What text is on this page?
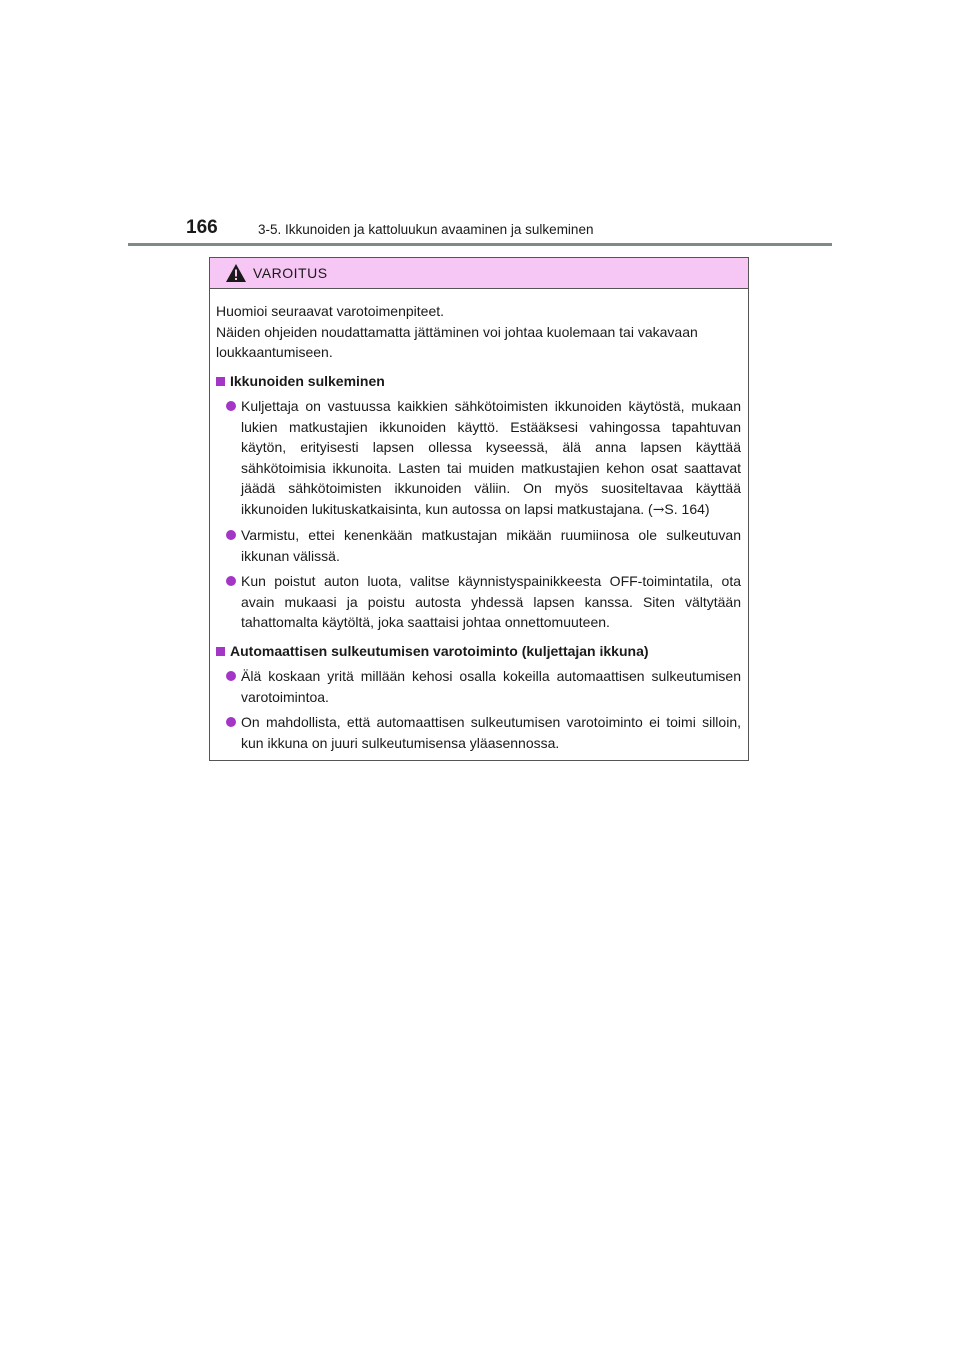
166	3-5. Ikkunoiden ja kattoluukun avaaminen ja sulkeminen
VAROITUS

Huomioi seuraavat varotoimenpiteet.

Näiden ohjeiden noudattamatta jättäminen voi johtaa kuolemaan tai vakavaan loukkaantumiseen.

Ikkunoiden sulkeminen
Kuljettaja on vastuussa kaikkien sähkötoimisten ikkunoiden käytöstä, mukaan lukien matkustajien ikkunoiden käyttö. Estääksesi vahingossa tapahtuvan käytön, erityisesti lapsen ollessa kyseessä, älä anna lapsen käyttää sähkötoimisia ikkunoita. Lasten tai muiden matkustajien kehon osat saattavat jäädä sähkötoimisten ikkunoiden väliin. On myös suositeltavaa käyttää ikkunoiden lukituskatkaisinta, kun autossa on lapsi matkustajana. (→S. 164)
Varmistu, ettei kenenkään matkustajan mikään ruumiinosa ole sulkeutuvan ikkunan välissä.
Kun poistut auton luota, valitse käynnistyspainikkeesta OFF-toimintatila, ota avain mukaasi ja poistu autosta yhdessä lapsen kanssa. Siten vältytään tahattomalta käytöltä, joka saattaisi johtaa onnettomuuteen.
Automaattisen sulkeutumisen varotoiminto (kuljettajan ikkuna)
Älä koskaan yritä millään kehosi osalla kokeilla automaattisen sulkeutumisen varotoimintoa.
On mahdollista, että automaattisen sulkeutumisen varotoiminto ei toimi silloin, kun ikkuna on juuri sulkeutumisensa yläasennossa.
